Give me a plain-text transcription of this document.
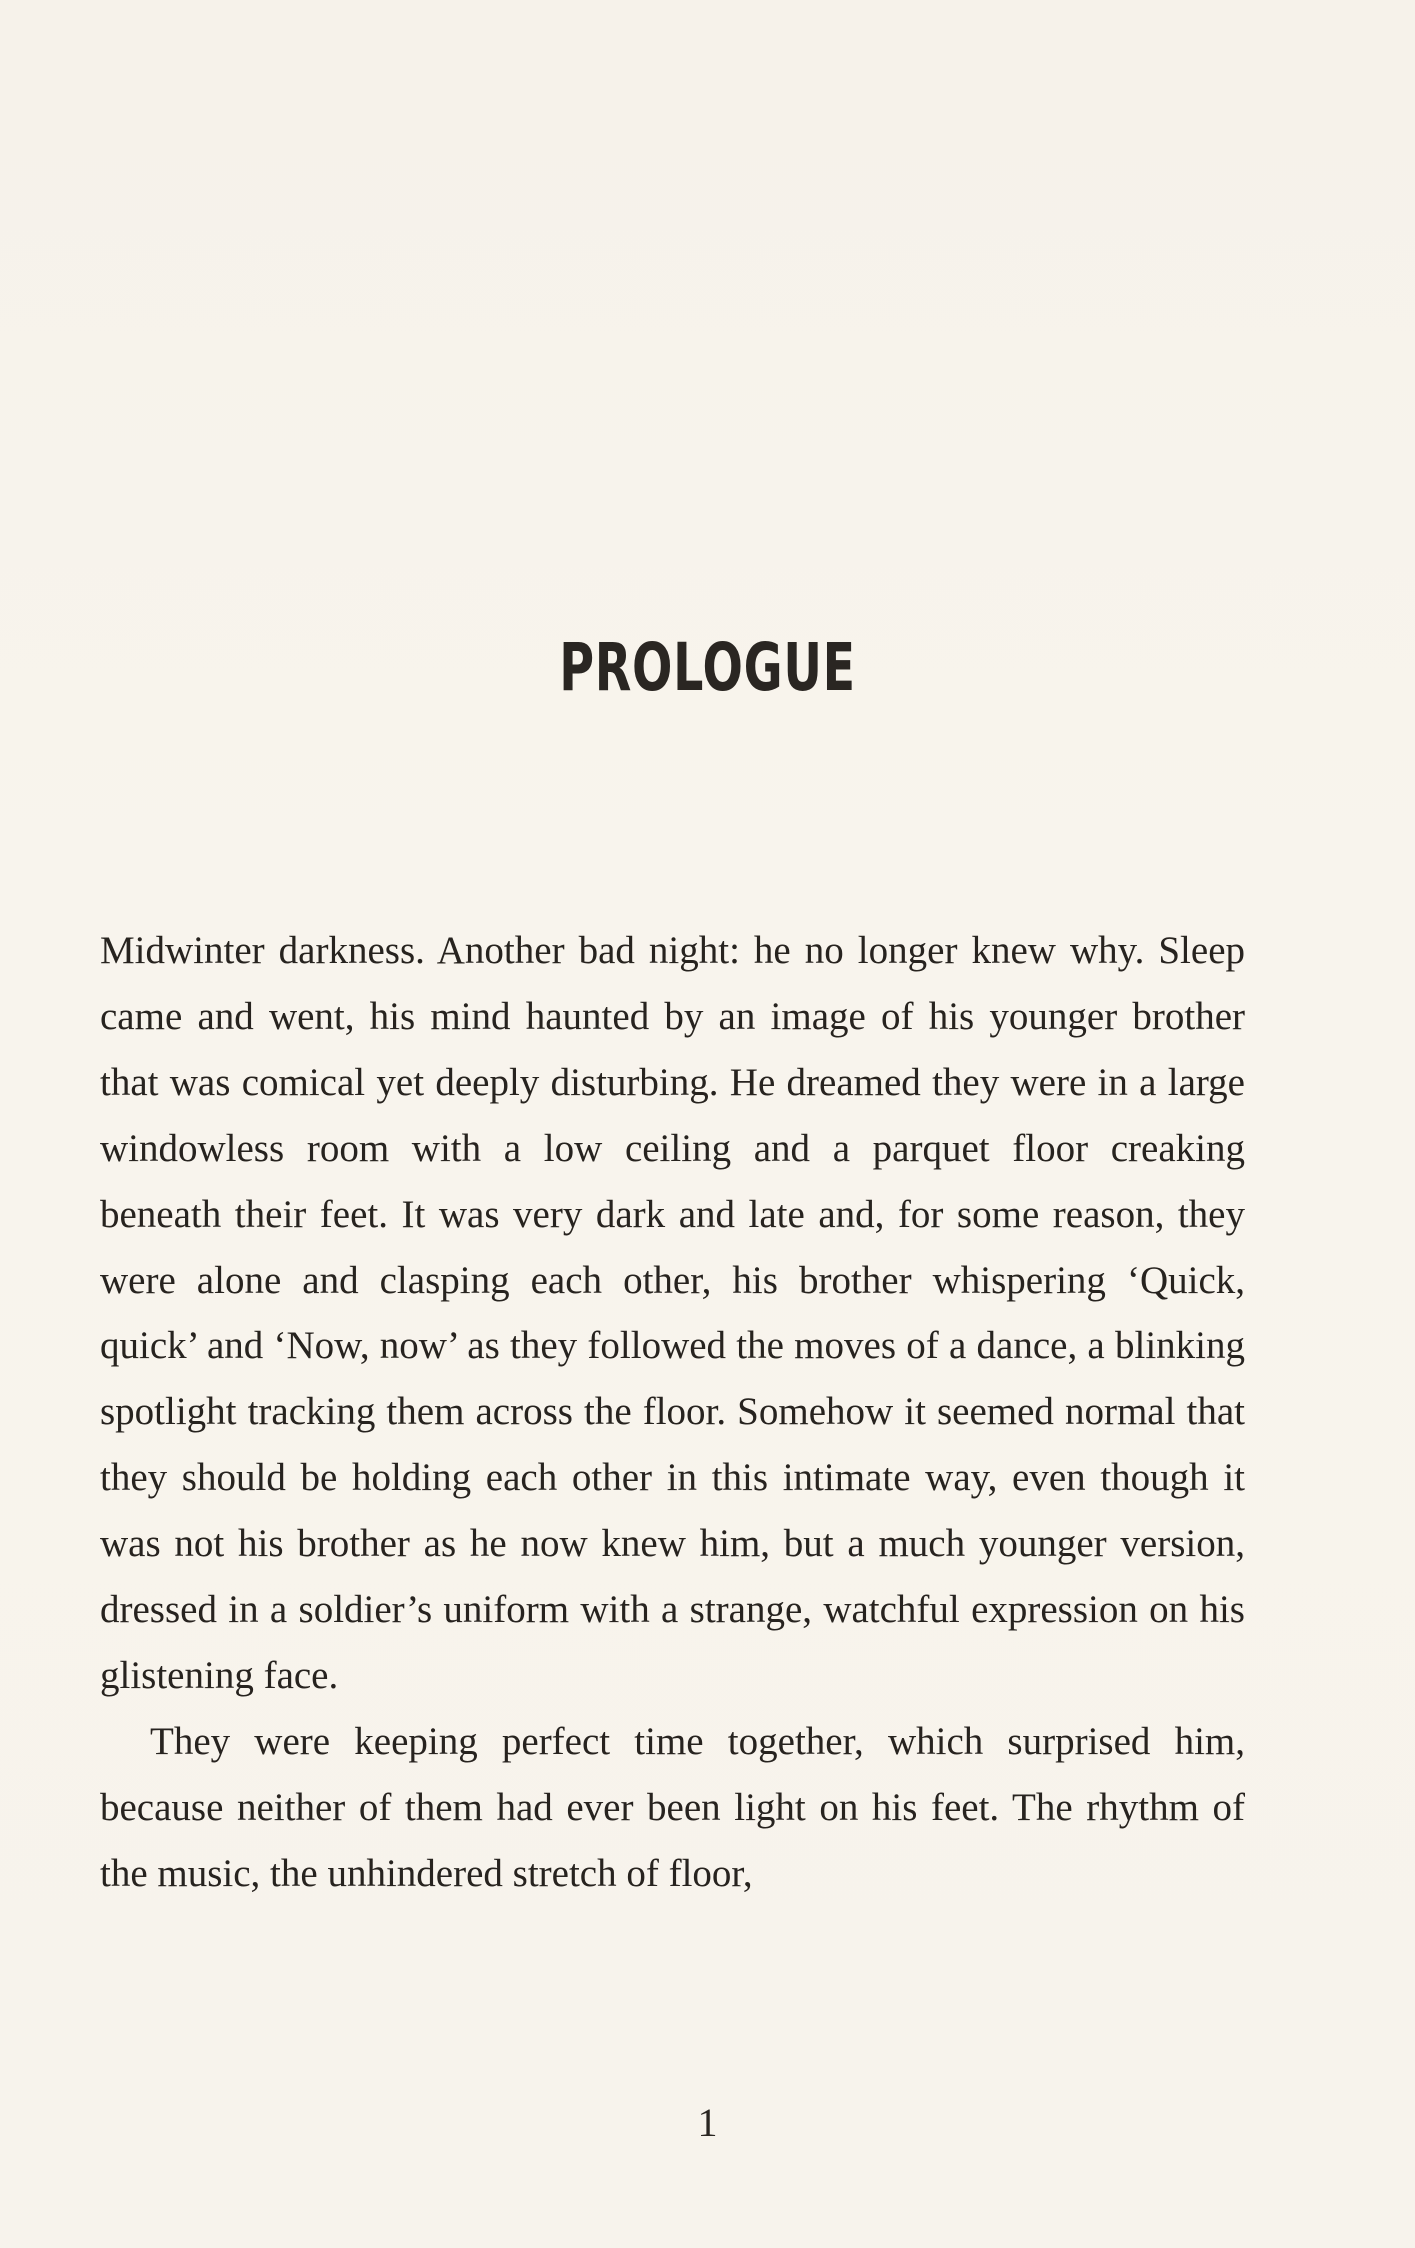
PROLOGUE

Midwinter darkness. Another bad night: he no longer knew why. Sleep came and went, his mind haunted by an image of his younger brother that was comical yet deeply disturbing. He dreamed they were in a large windowless room with a low ceiling and a parquet floor creaking beneath their feet. It was very dark and late and, for some reason, they were alone and clasping each other, his brother whispering ‘Quick, quick’ and ‘Now, now’ as they followed the moves of a dance, a blinking spotlight tracking them across the floor. Somehow it seemed normal that they should be holding each other in this intimate way, even though it was not his brother as he now knew him, but a much younger version, dressed in a soldier’s uniform with a strange, watchful expression on his glistening face.

They were keeping perfect time together, which surprised him, because neither of them had ever been light on his feet. The rhythm of the music, the unhindered stretch of floor,

1
